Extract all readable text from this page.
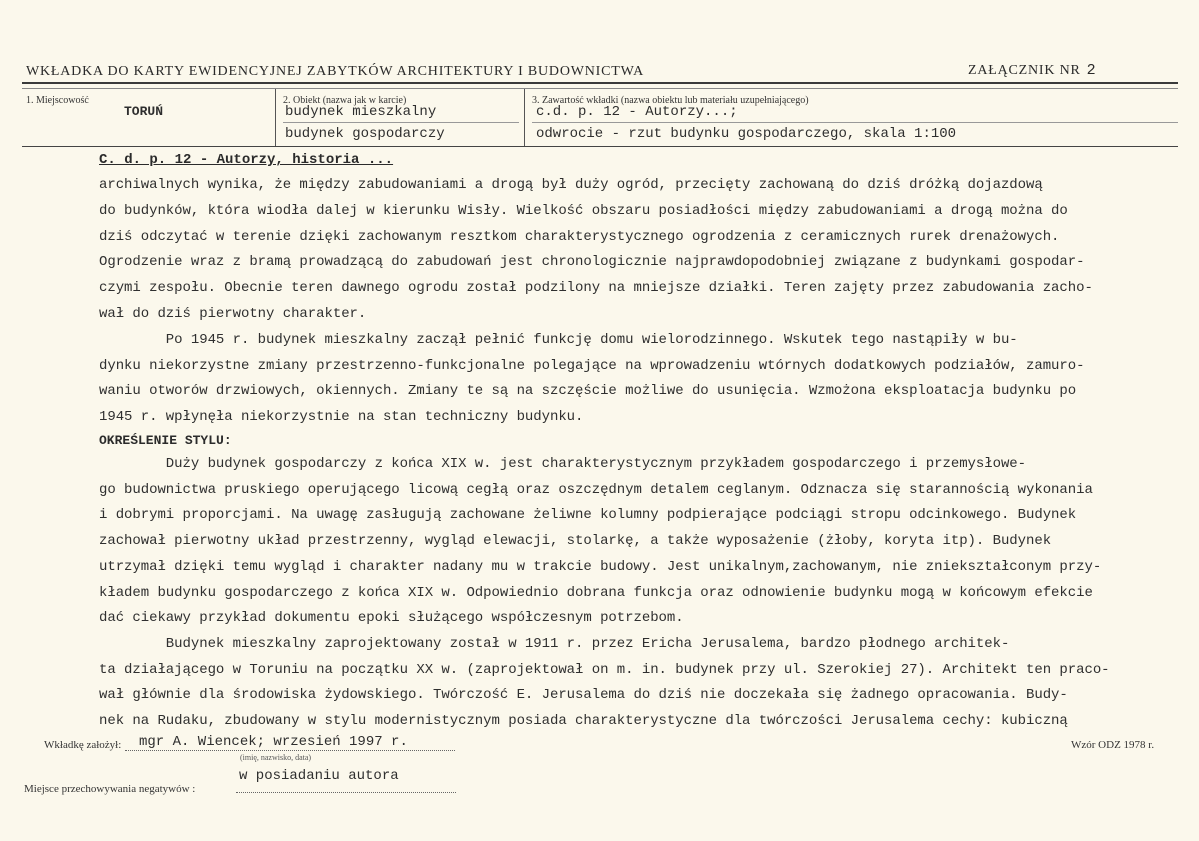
WKŁADKA DO KARTY EWIDENCYJNEJ ZABYTKÓW ARCHITEKTURY I BUDOWNICTWA	ZAŁĄCZNIK NR 2
1. Miejscowość
TORUŃ
2. Obiekt (nazwa jak w karcie)
budynek mieszkalny
budynek gospodarczy
3. Zawartość wkładki (nazwa obiektu lub materiału uzupełniającego)
c.d. p. 12 - Autorzy...;
odwrocie - rzut budynku gospodarczego, skala 1:100
C. d. p. 12 - Autorzy, historia ...
archiwalnych wynika, że między zabudowaniami a drogą był duży ogród, przecięty zachowaną do dziś dróżką dojazdową
do budynków, która wiodła dalej w kierunku Wisły. Wielkość obszaru posiadłości między zabudowaniami a drogą można do
dziś odczytać w terenie dzięki zachowanym resztkom charakterystycznego ogrodzenia z ceramicznych rurek drenażowych.
Ogrodzenie wraz z bramą prowadzącą do zabudowań jest chronologicznie najprawdopodobniej związane z budynkami gospodar-
czymi zespołu. Obecnie teren dawnego ogrodu został podzilony na mniejsze działki. Teren zajęty przez zabudowania zacho-
wał do dziś pierwotny charakter.
Po 1945 r. budynek mieszkalny zaczął pełnić funkcję domu wielorodzinnego. Wskutek tego nastąpiły w bu-
dynku niekorzystne zmiany przestrzenno-funkcjonalne polegające na wprowadzeniu wtórnych dodatkowych podziałów, zamuro-
waniu otworów drzwiowych, okiennych. Zmiany te są na szczęście możliwe do usunięcia. Wzmożona eksploatacja budynku po
1945 r. wpłynęła niekorzystnie na stan techniczny budynku.
OKREŚLENIE STYLU:
Duży budynek gospodarczy z końca XIX w. jest charakterystycznym przykładem gospodarczego i przemysłowe-
go budownictwa pruskiego operującego licową cegłą oraz oszczędnym detalem ceglanym. Odznacza się starannością wykonania
i dobrymi proporcjami. Na uwagę zasługują zachowane żeliwne kolumny podpierające podciągi stropu odcinkowego. Budynek
zachował pierwotny układ przestrzenny, wygląd elewacji, stolarkę, a także wyposażenie (żłoby, koryta itp). Budynek
utrzymał dzięki temu wygląd i charakter nadany mu w trakcie budowy. Jest unikalnym,zachowanym, nie zniekształconym przy-
kładem budynku gospodarczego z końca XIX w. Odpowiednio dobrana funkcja oraz odnowienie budynku mogą w końcowym efekcie
dać ciekawy przykład dokumentu epoki służącego współczesnym potrzebom.
Budynek mieszkalny zaprojektowany został w 1911 r. przez Ericha Jerusalema, bardzo płodnego architek-
ta działającego w Toruniu na początku XX w. (zaprojektował on m. in. budynek przy ul. Szerokiej 27). Architekt ten praco-
wał głównie dla środowiska żydowskiego. Twórczość E. Jerusalema do dziś nie doczekała się żadnego opracowania. Budy-
nek na Rudaku, zbudowany w stylu modernistycznym posiada charakterystyczne dla twórczości Jerusalema cechy: kubiczną
Wkładkę założył: mgr A. Wiencek; wrzesień 1997 r.
(imię, nazwisko, data)
Wzór ODZ 1978 r.
w posiadaniu autora
Miejsce przechowywania negatywów :
